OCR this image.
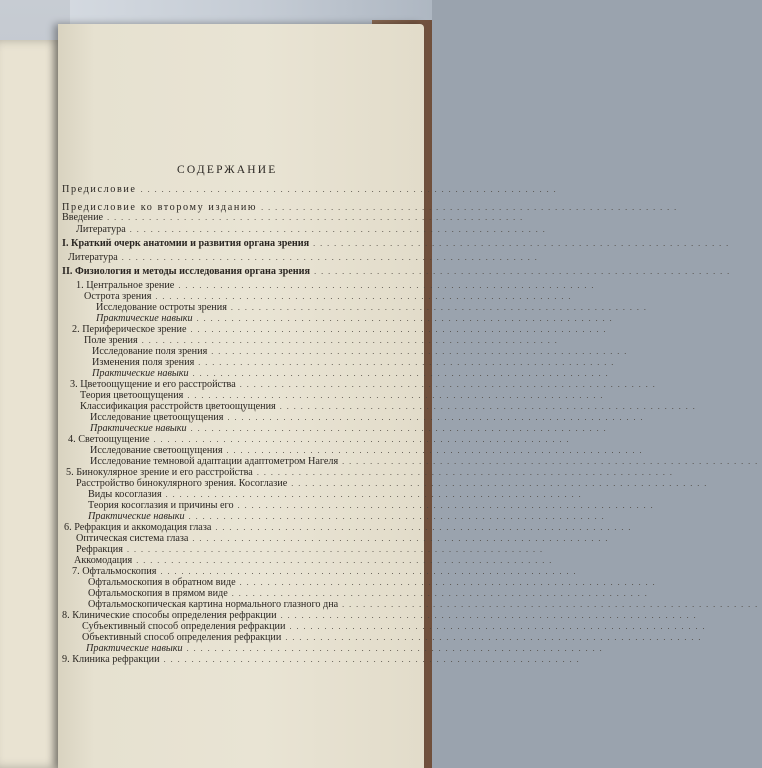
СОДЕРЖАНИЕ
Предисловие ............................................................
Предисловие ко второму изданию ............................................................
Введение ............................................................
Литература ............................................................
I. Краткий очерк анатомии и развития органа зрения ............................................................
Литература ............................................................
II. Физиология и методы исследования органа зрения ............................................................
1. Центральное зрение ............................................................
Острота зрения ............................................................
Исследование остроты зрения ............................................................
Практические навыки ............................................................
2. Периферическое зрение ............................................................
Поле зрения ............................................................
Исследование поля зрения ............................................................
Изменения поля зрения ............................................................
Практические навыки ............................................................
3. Цветоощущение и его расстройства ............................................................
Теория цветоощущения ............................................................
Классификация расстройств цветоощущения ............................................................
Исследование цветоощущения ............................................................
Практические навыки ............................................................
4. Светоощущение ............................................................
Исследование светоощущения ............................................................
Исследование темновой адаптации адаптометром Нагеля ............................................................
5. Бинокулярное зрение и его расстройства ............................................................
Расстройство бинокулярного зрения. Косоглазие ............................................................
Виды косоглазия ............................................................
Теория косоглазия и причины его ............................................................
Практические навыки ............................................................
6. Рефракция и аккомодация глаза ............................................................
Оптическая система глаза ............................................................
Рефракция ............................................................
Аккомодация ............................................................
7. Офтальмоскопия ............................................................
Офтальмоскопия в обратном виде ............................................................
Офтальмоскопия в прямом виде ............................................................
Офтальмоскопическая картина нормального глазного дна ............................................................
8. Клинические способы определения рефракции ............................................................
Субъективный способ определения рефракции ............................................................
Объективный способ определения рефракции ............................................................
Практические навыки ............................................................
9. Клиника рефракции ............................................................
